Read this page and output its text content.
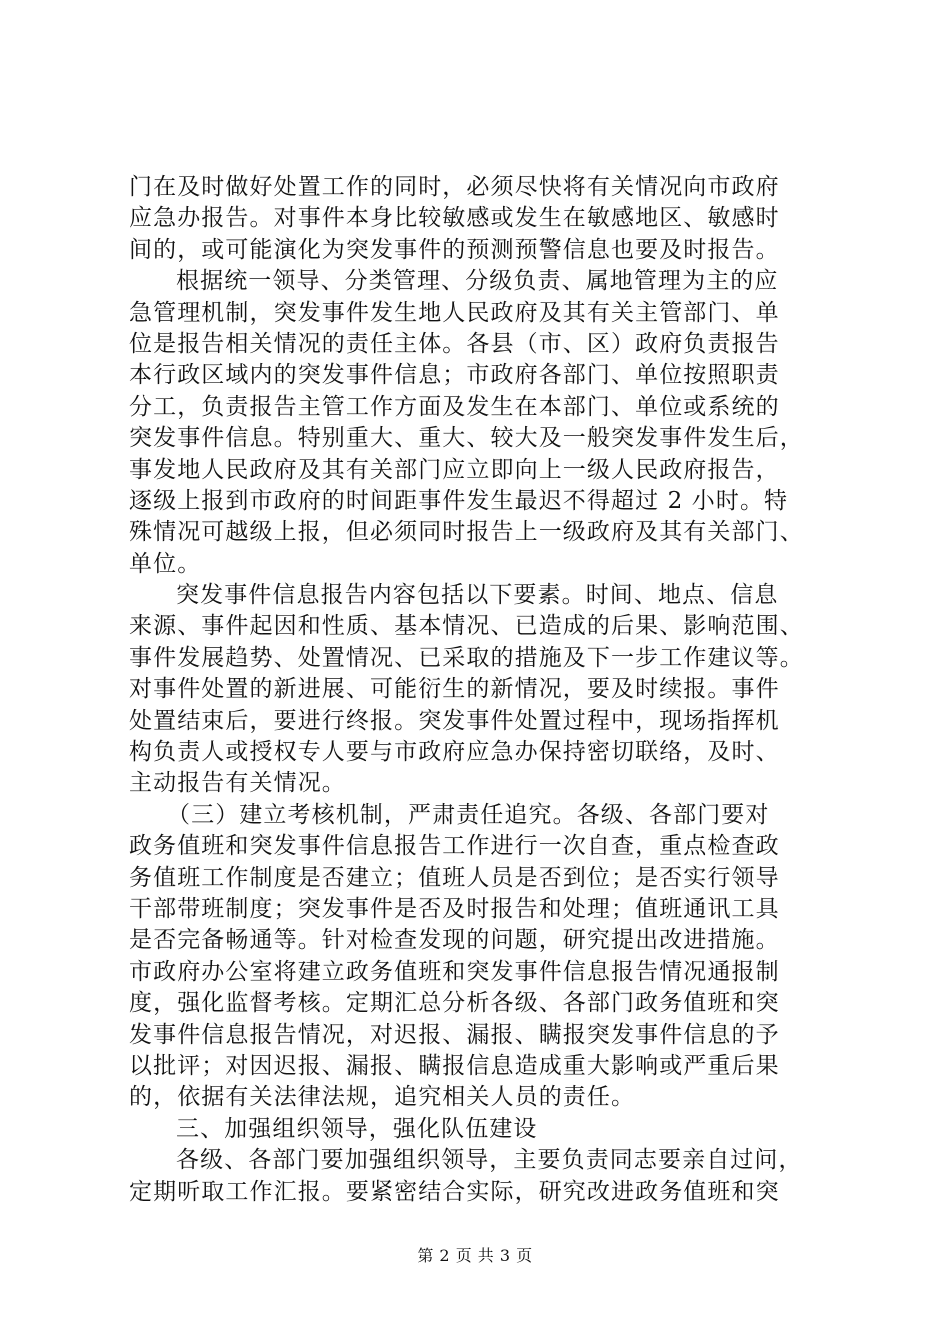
门在及时做好处置工作的同时，必须尽快将有关情况向市政府
应急办报告。对事件本身比较敏感或发生在敏感地区、敏感时
间的，或可能演化为突发事件的预测预警信息也要及时报告。
根据统一领导、分类管理、分级负责、属地管理为主的应
急管理机制，突发事件发生地人民政府及其有关主管部门、单
位是报告相关情况的责任主体。各县（市、区）政府负责报告
本行政区域内的突发事件信息；市政府各部门、单位按照职责
分工，负责报告主管工作方面及发生在本部门、单位或系统的
突发事件信息。特别重大、重大、较大及一般突发事件发生后，
事发地人民政府及其有关部门应立即向上一级人民政府报告，
逐级上报到市政府的时间距事件发生最迟不得超过 2 小时。特
殊情况可越级上报，但必须同时报告上一级政府及其有关部门、
单位。
突发事件信息报告内容包括以下要素。时间、地点、信息
来源、事件起因和性质、基本情况、已造成的后果、影响范围、
事件发展趋势、处置情况、已采取的措施及下一步工作建议等。
对事件处置的新进展、可能衍生的新情况，要及时续报。事件
处置结束后，要进行终报。突发事件处置过程中，现场指挥机
构负责人或授权专人要与市政府应急办保持密切联络，及时、
主动报告有关情况。
（三）建立考核机制，严肃责任追究。各级、各部门要对
政务值班和突发事件信息报告工作进行一次自查，重点检查政
务值班工作制度是否建立；值班人员是否到位；是否实行领导
干部带班制度；突发事件是否及时报告和处理；值班通讯工具
是否完备畅通等。针对检查发现的问题，研究提出改进措施。
市政府办公室将建立政务值班和突发事件信息报告情况通报制
度，强化监督考核。定期汇总分析各级、各部门政务值班和突
发事件信息报告情况，对迟报、漏报、瞒报突发事件信息的予
以批评；对因迟报、漏报、瞒报信息造成重大影响或严重后果
的，依据有关法律法规，追究相关人员的责任。
三、加强组织领导，强化队伍建设
各级、各部门要加强组织领导，主要负责同志要亲自过问，
定期听取工作汇报。要紧密结合实际，研究改进政务值班和突
第 2 页 共 3 页
